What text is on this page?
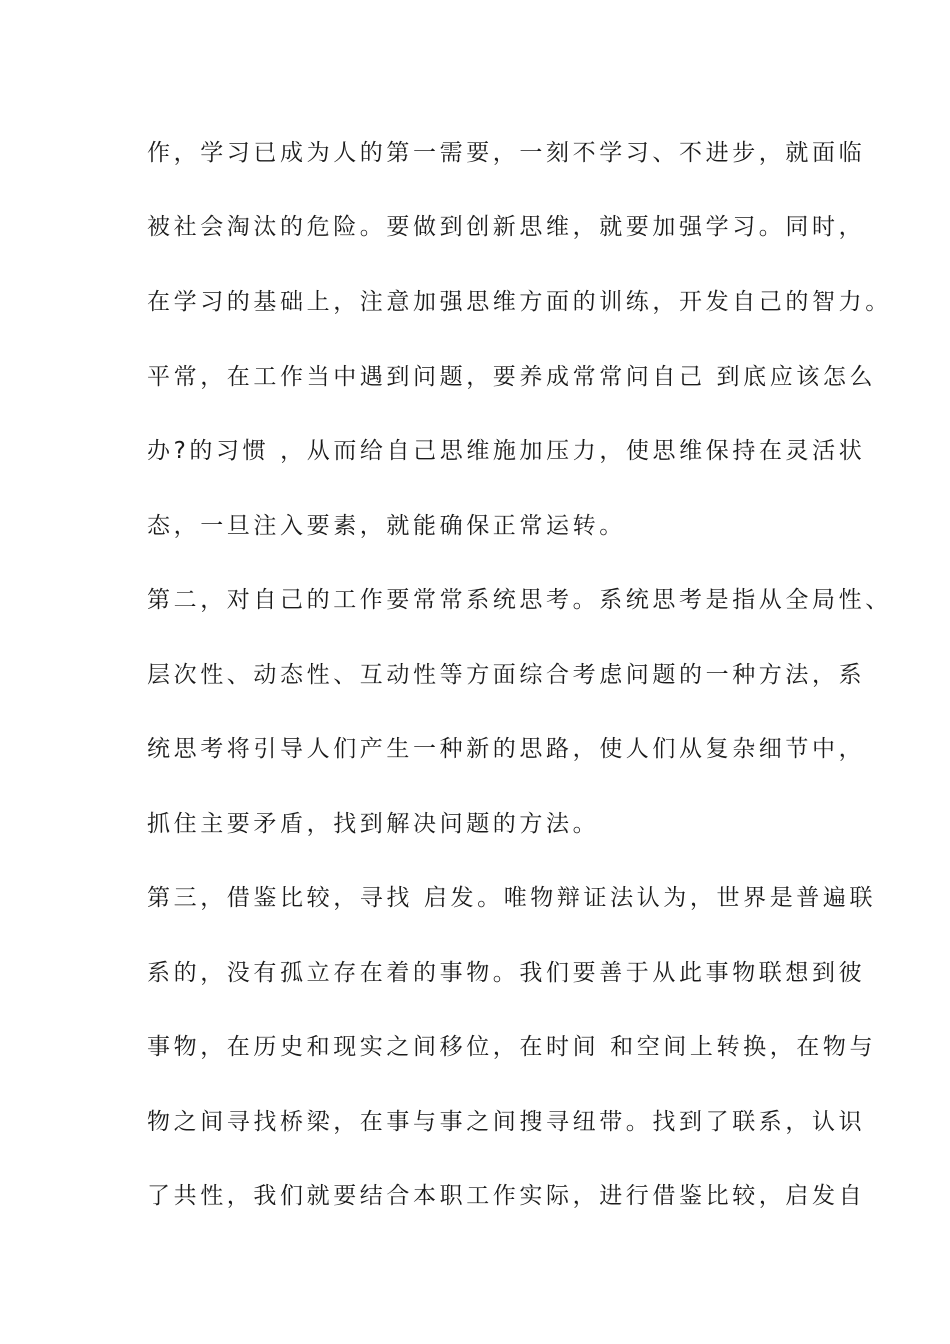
作，学习已成为人的第一需要，一刻不学习、不进步，就面临
被社会淘汰的危险。要做到创新思维，就要加强学习。同时，
在学习的基础上，注意加强思维方面的训练，开发自己的智力。
平常，在工作当中遇到问题，要养成常常问自己 到底应该怎么
办?的习惯 ，从而给自己思维施加压力，使思维保持在灵活状
态，一旦注入要素，就能确保正常运转。
第二，对自己的工作要常常系统思考。系统思考是指从全局性、
层次性、动态性、互动性等方面综合考虑问题的一种方法，系
统思考将引导人们产生一种新的思路，使人们从复杂细节中，
抓住主要矛盾，找到解决问题的方法。
第三，借鉴比较，寻找 启发。唯物辩证法认为，世界是普遍联
系的，没有孤立存在着的事物。我们要善于从此事物联想到彼
事物，在历史和现实之间移位，在时间 和空间上转换，在物与
物之间寻找桥梁，在事与事之间搜寻纽带。找到了联系，认识
了共性，我们就要结合本职工作实际，进行借鉴比较，启发自
